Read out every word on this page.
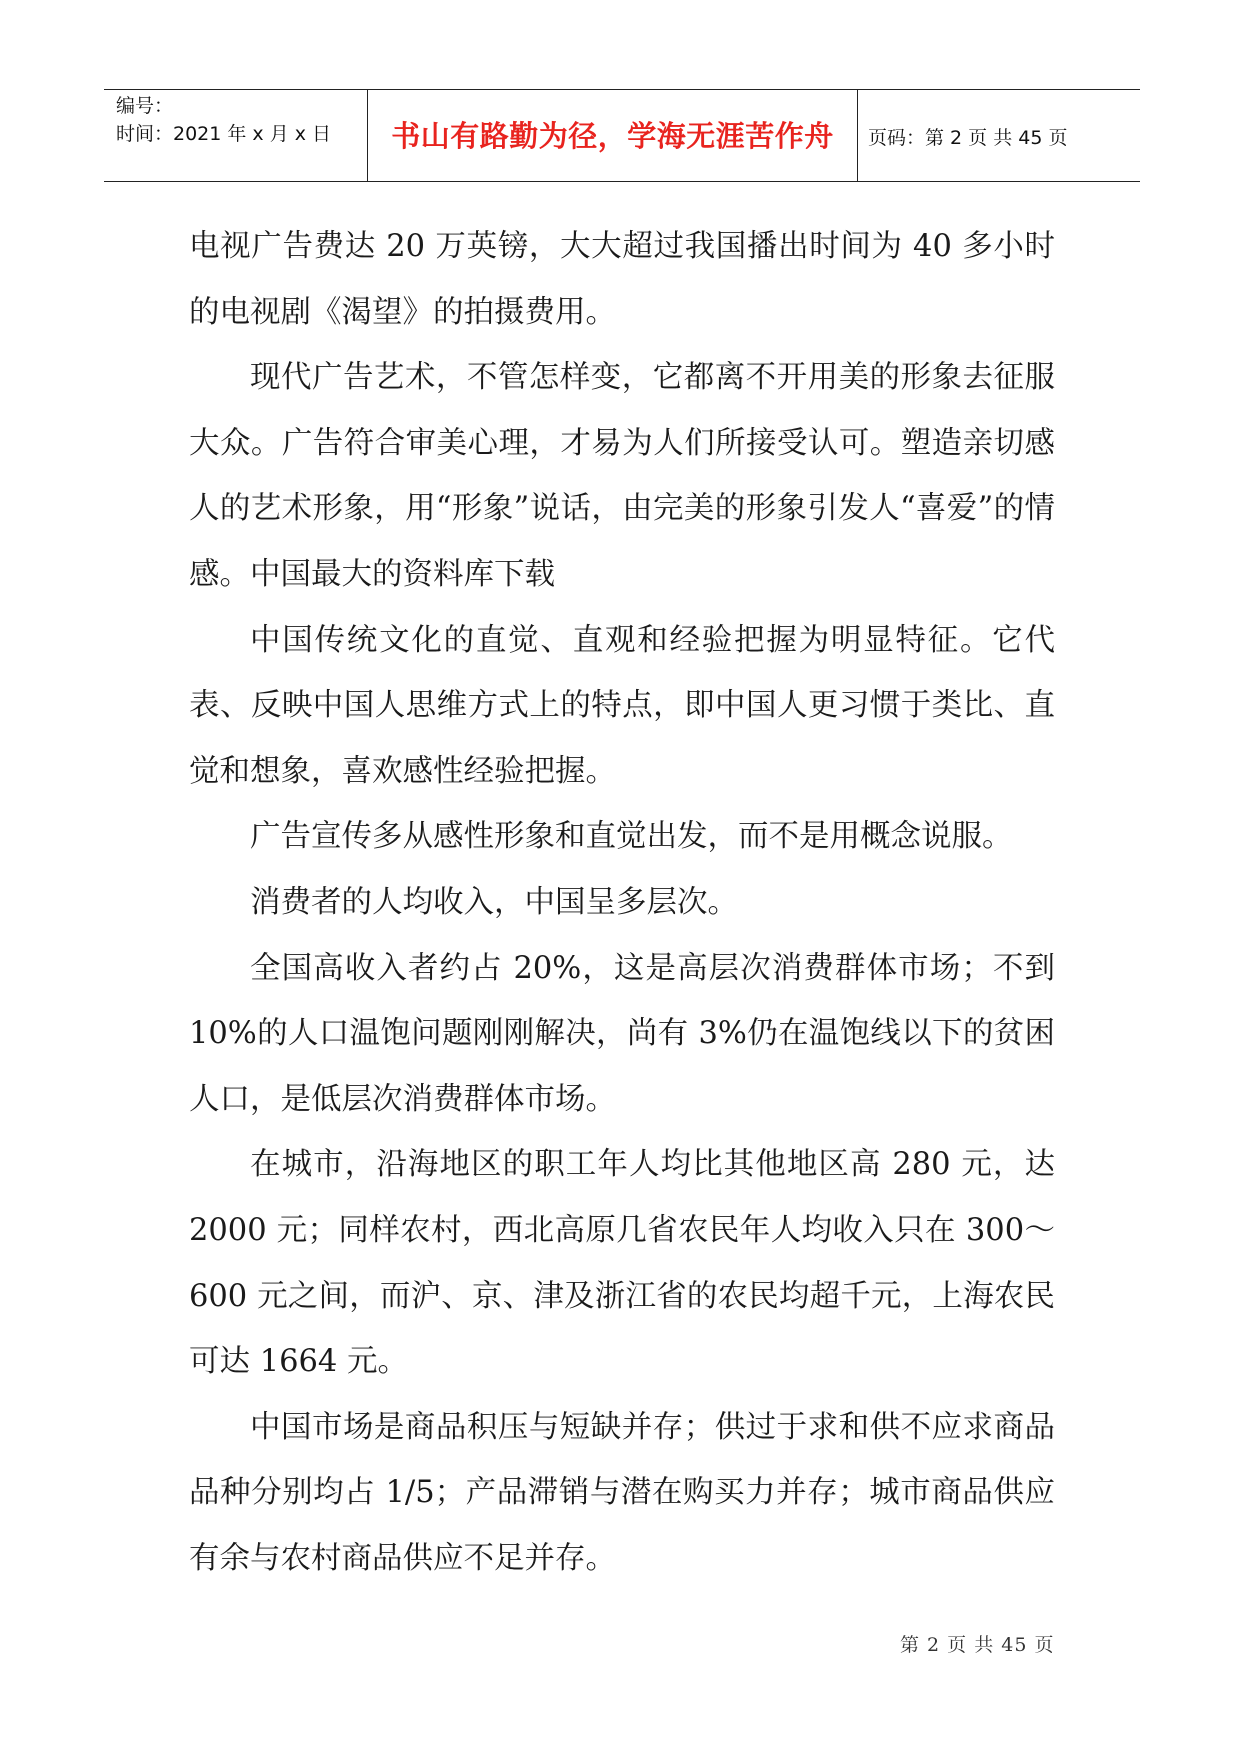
编号：
时间：2021 年 x 月 x 日	书山有路勤为径，学海无涯苦作舟	页码：第 2 页 共 45 页

电视广告费达 20 万英镑，大大超过我国播出时间为 40 多小时的电视剧《渴望》的拍摄费用。

现代广告艺术，不管怎样变，它都离不开用美的形象去征服大众。广告符合审美心理，才易为人们所接受认可。塑造亲切感人的艺术形象，用“形象”说话，由完美的形象引发人“喜爱”的情感。中国最大的资料库下载

中国传统文化的直觉、直观和经验把握为明显特征。它代表、反映中国人思维方式上的特点，即中国人更习惯于类比、直觉和想象，喜欢感性经验把握。

广告宣传多从感性形象和直觉出发，而不是用概念说服。

消费者的人均收入，中国呈多层次。

全国高收入者约占 20%，这是高层次消费群体市场；不到 10%的人口温饱问题刚刚解决，尚有 3%仍在温饱线以下的贫困人口，是低层次消费群体市场。

在城市，沿海地区的职工年人均比其他地区高 280 元，达 2000 元；同样农村，西北高原几省农民年人均收入只在 300～600 元之间，而沪、京、津及浙江省的农民均超千元，上海农民可达 1664 元。

中国市场是商品积压与短缺并存；供过于求和供不应求商品品种分别均占 1/5；产品滞销与潜在购买力并存；城市商品供应有余与农村商品供应不足并存。

第 2 页 共 45 页
